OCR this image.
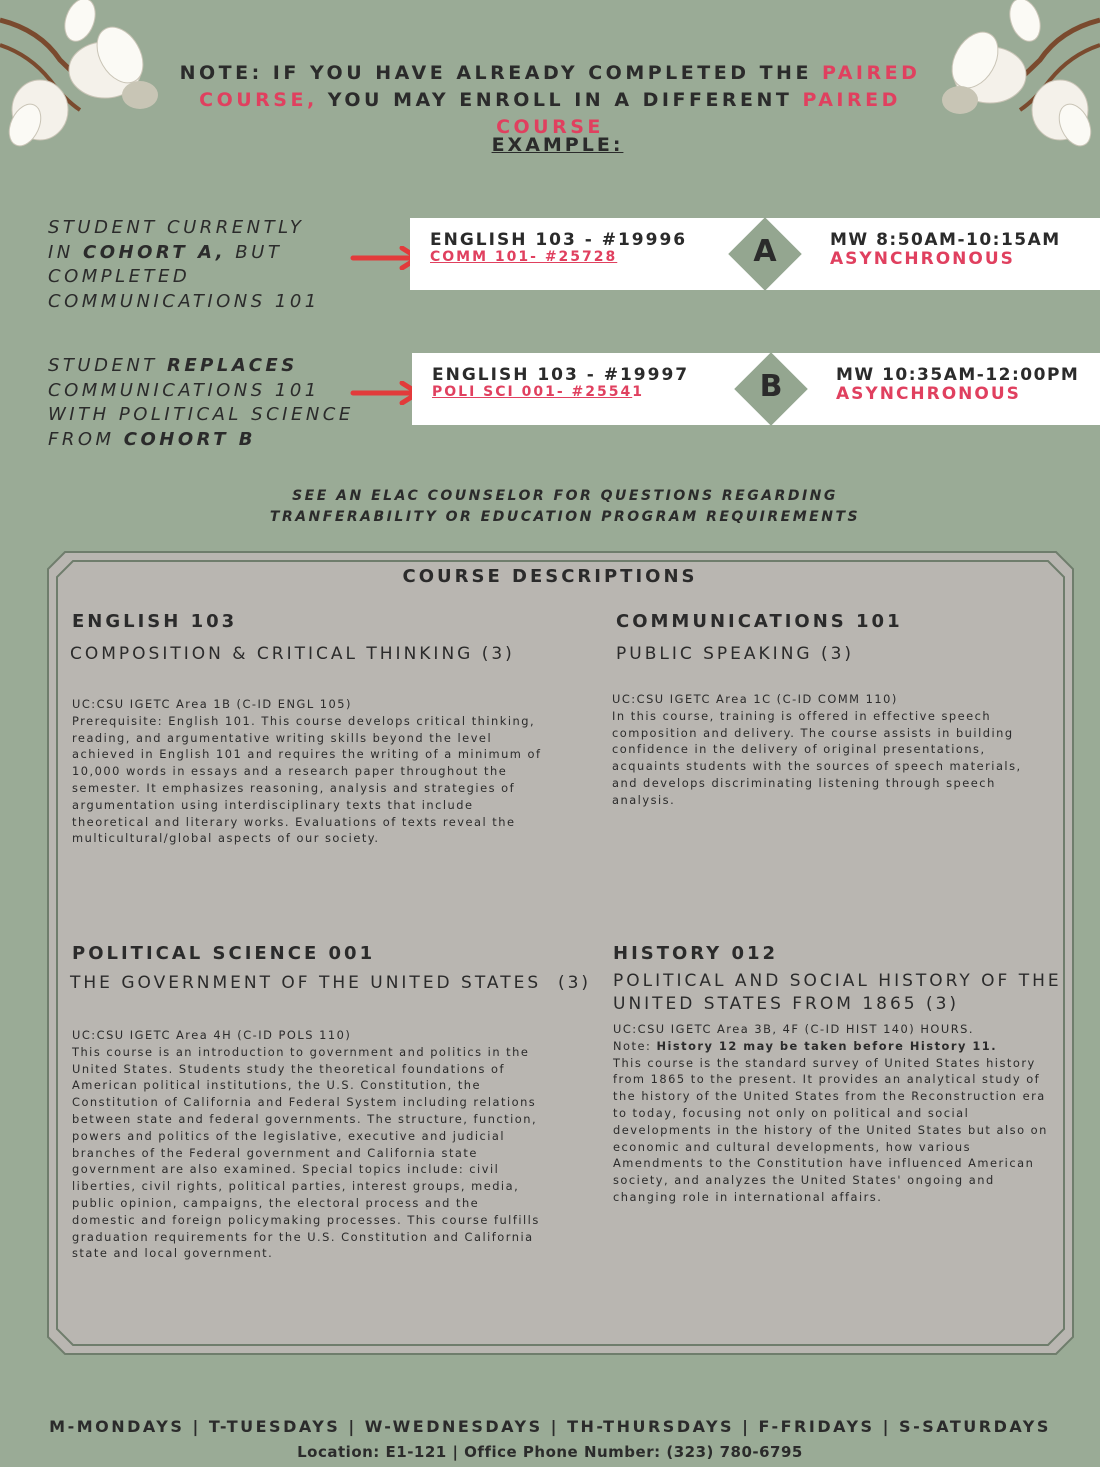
NOTE: IF YOU HAVE ALREADY COMPLETED THE PAIRED COURSE, YOU MAY ENROLL IN A DIFFERENT PAIRED COURSE
EXAMPLE:
STUDENT CURRENTLY
IN COHORT A, BUT
COMPLETED
COMMUNICATIONS 101
STUDENT REPLACES
COMMUNICATIONS 101
WITH POLITICAL SCIENCE
FROM COHORT B
ENGLISH 103 - #19996
COMM 101- #25728	A	MW 8:50AM-10:15AM
ASYNCHRONOUS
ENGLISH 103 - #19997
POLI SCI 001- #25541	B	MW 10:35AM-12:00PM
ASYNCHRONOUS
SEE AN ELAC COUNSELOR FOR QUESTIONS REGARDING
TRANFERABILITY OR EDUCATION PROGRAM REQUIREMENTS
COURSE DESCRIPTIONS
ENGLISH 103
COMPOSITION & CRITICAL THINKING (3)
UC:CSU IGETC Area 1B (C-ID ENGL 105)
Prerequisite: English 101. This course develops critical thinking, reading, and argumentative writing skills beyond the level achieved in English 101 and requires the writing of a minimum of 10,000 words in essays and a research paper throughout the semester. It emphasizes reasoning, analysis and strategies of argumentation using interdisciplinary texts that include theoretical and literary works. Evaluations of texts reveal the multicultural/global aspects of our society.
COMMUNICATIONS 101
PUBLIC SPEAKING (3)
UC:CSU IGETC Area 1C (C-ID COMM 110)
In this course, training is offered in effective speech composition and delivery. The course assists in building confidence in the delivery of original presentations, acquaints students with the sources of speech materials, and develops discriminating listening through speech analysis.
POLITICAL SCIENCE 001
THE GOVERNMENT OF THE UNITED STATES  (3)
UC:CSU IGETC Area 4H (C-ID POLS 110)
This course is an introduction to government and politics in the United States. Students study the theoretical foundations of American political institutions, the U.S. Constitution, the Constitution of California and Federal System including relations between state and federal governments. The structure, function, powers and politics of the legislative, executive and judicial branches of the Federal government and California state government are also examined. Special topics include: civil liberties, civil rights, political parties, interest groups, media, public opinion, campaigns, the electoral process and the domestic and foreign policymaking processes. This course fulfills graduation requirements for the U.S. Constitution and California state and local government.
HISTORY 012
POLITICAL AND SOCIAL HISTORY OF THE UNITED STATES FROM 1865 (3)
UC:CSU IGETC Area 3B, 4F (C-ID HIST 140) HOURS.
Note: History 12 may be taken before History 11.
This course is the standard survey of United States history from 1865 to the present. It provides an analytical study of the history of the United States from the Reconstruction era to today, focusing not only on political and social developments in the history of the United States but also on economic and cultural developments, how various Amendments to the Constitution have influenced American society, and analyzes the United States' ongoing and changing role in international affairs.
M-MONDAYS | T-TUESDAYS | W-WEDNESDAYS | TH-THURSDAYS | F-FRIDAYS | S-SATURDAYS
Location: E1-121 | Office Phone Number: (323) 780-6795
